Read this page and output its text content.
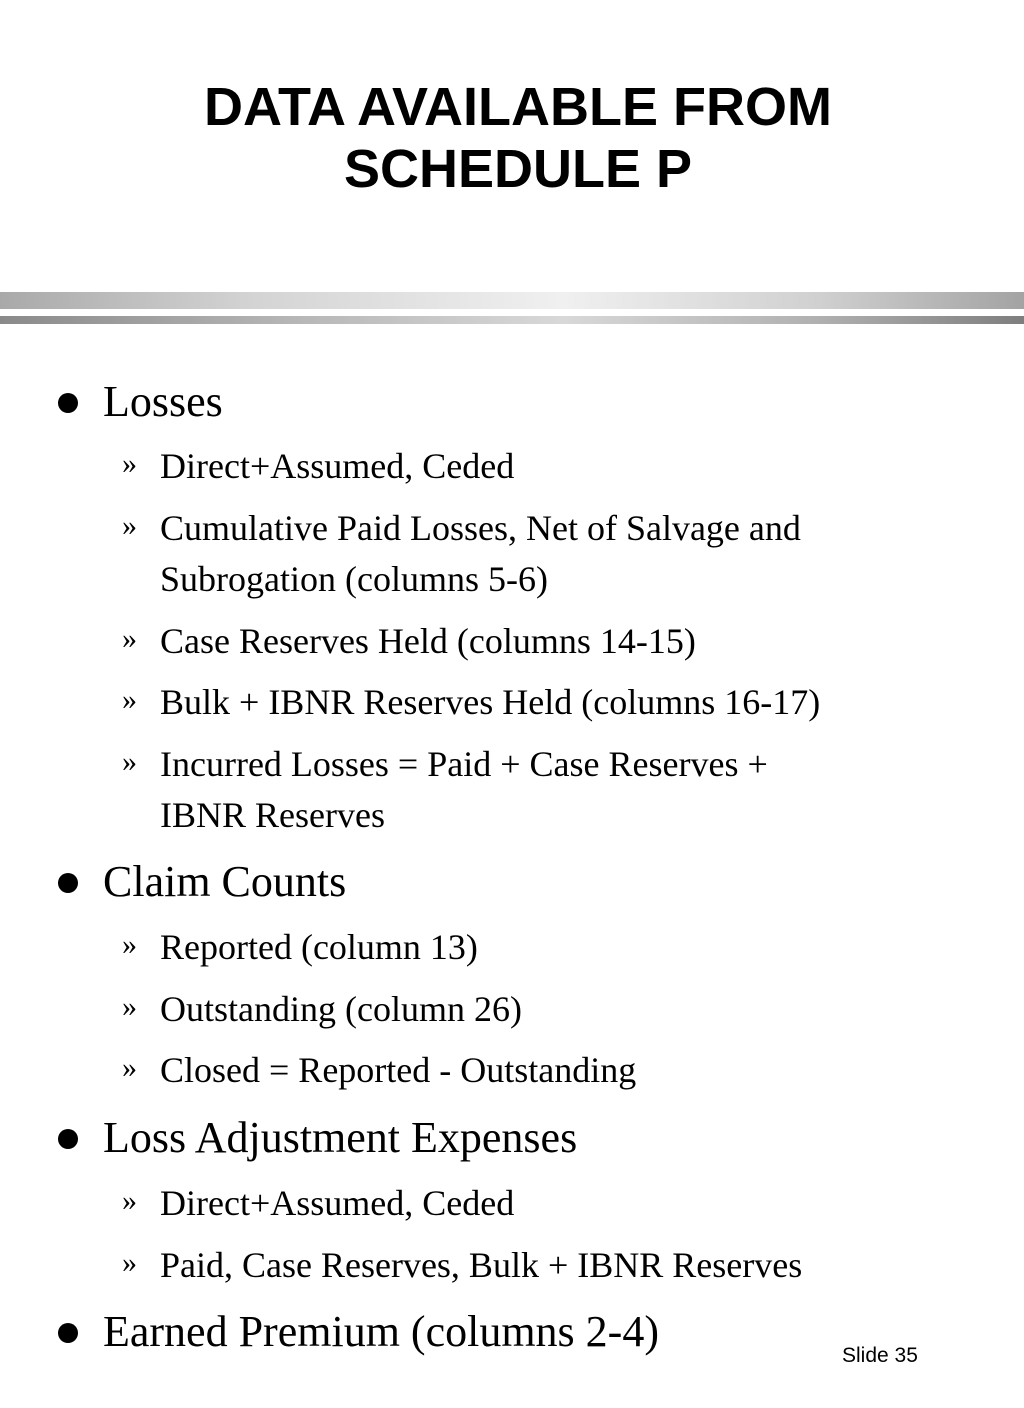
DATA AVAILABLE FROM
SCHEDULE P
Losses
» Direct+Assumed, Ceded
» Cumulative Paid Losses, Net of Salvage and
Subrogation (columns 5-6)
» Case Reserves Held (columns 14-15)
» Bulk + IBNR Reserves Held (columns 16-17)
» Incurred Losses = Paid + Case Reserves +
IBNR Reserves
Claim Counts
» Reported (column 13)
» Outstanding (column 26)
» Closed = Reported - Outstanding
Loss Adjustment Expenses
» Direct+Assumed, Ceded
» Paid, Case Reserves, Bulk + IBNR Reserves
Earned Premium (columns 2-4)	Slide 35
